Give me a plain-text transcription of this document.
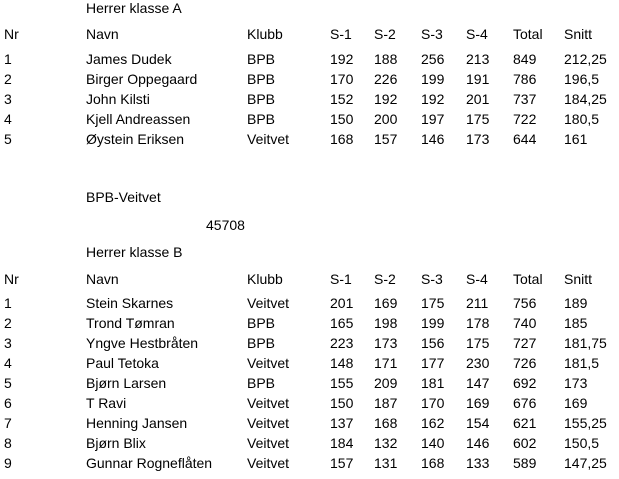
Herrer klasse A
Nr	Navn	Klubb	S-1 S-2 S-3 S-4 Total Snitt
1	James Dudek	BPB	192 188 256 213 849 212,25
2	Birger Oppegaard	BPB	170 226 199 191 786 196,5
3	John Kilsti	BPB	152 192 192 201 737 184,25
4	Kjell Andreassen	BPB	150 200 197 175 722 180,5
5	Øystein Eriksen	Veitvet	168 157 146 173 644 161
BPB-Veitvet
45708
Herrer klasse B
Nr	Navn	Klubb	S-1 S-2 S-3 S-4 Total Snitt
1	Stein Skarnes	Veitvet	201 169 175 211 756 189
2	Trond Tømran	BPB	165 198 199 178 740 185
3	Yngve Hestbråten	BPB	223 173 156 175 727 181,75
4	Paul Tetoka	Veitvet	148 171 177 230 726 181,5
5	Bjørn Larsen	BPB	155 209 181 147 692 173
6	T Ravi	Veitvet	150 187 170 169 676 169
7	Henning Jansen	Veitvet	137 168 162 154 621 155,25
8	Bjørn Blix	Veitvet	184 132 140 146 602 150,5
9	Gunnar Rogneflåten Veitvet	157 131 168 133 589 147,25
